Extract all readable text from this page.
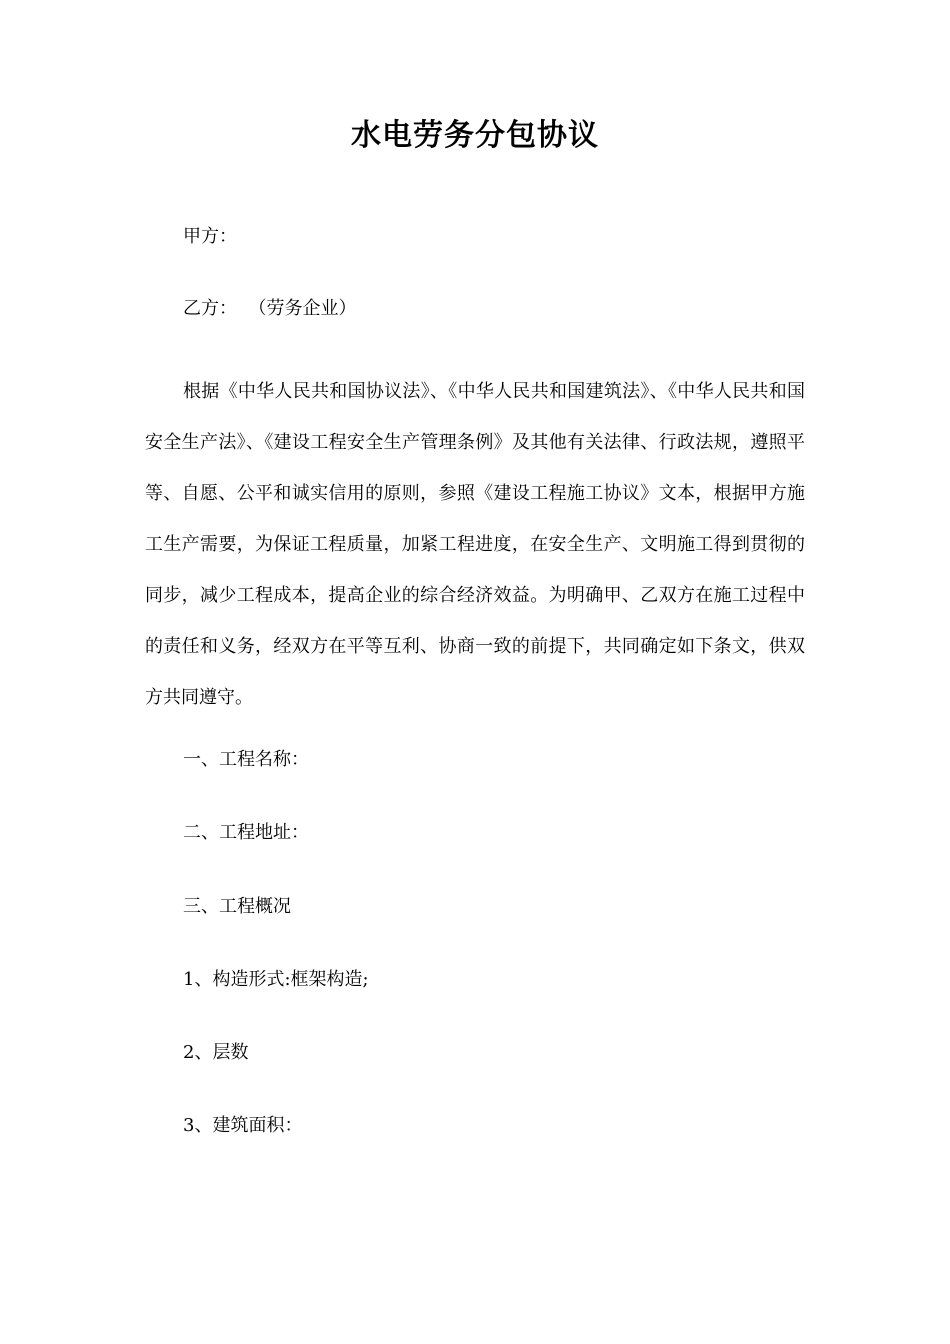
水电劳务分包协议

甲方：

乙方：  （劳务企业）

根据《中华人民共和国协议法》、《中华人民共和国建筑法》、《中华人民共和国安全生产法》、《建设工程安全生产管理条例》及其他有关法律、行政法规，遵照平等、自愿、公平和诚实信用的原则，参照《建设工程施工协议》文本，根据甲方施工生产需要，为保证工程质量，加紧工程进度，在安全生产、文明施工得到贯彻的同步，减少工程成本，提高企业的综合经济效益。为明确甲、乙双方在施工过程中的责任和义务，经双方在平等互利、协商一致的前提下，共同确定如下条文，供双方共同遵守。

一、工程名称：

二、工程地址：

三、工程概况

1、构造形式:框架构造;

2、层数

3、建筑面积：
